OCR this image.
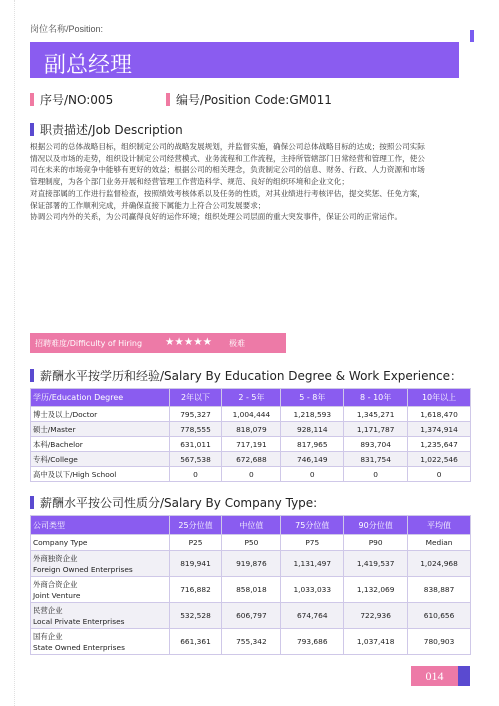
岗位名称/Position:
副总经理
序号/NO:005	编号/Position Code:GM011
职责描述/Job Description
根据公司的总体战略目标，组织制定公司的战略发展规划，并监督实施，确保公司总体战略目标的达成；按照公司实际
情况以及市场的走势，组织设计制定公司经营模式、业务流程和工作流程，主持所管辖部门日常经营和管理工作，使公
司在未来的市场竞争中能够有更好的效益；根据公司的相关理念，负责制定公司的信息、财务、行政、人力资源和市场
管理制度，为各个部门业务开展和经营管理工作营造科学、规范、良好的组织环境和企业文化；
对直接部属的工作进行监督检查，按照绩效考核体系以及任务的性质，对其业绩进行考核评估，提交奖惩、任免方案，
保证部署的工作顺利完成，并确保直接下属能力上符合公司发展要求；
协调公司内外的关系，为公司赢得良好的运作环境；组织处理公司层面的重大突发事件，保证公司的正常运作。
招聘难度/Difficulty of Hiring ★★★★★ 极难
薪酬水平按学历和经验/Salary By Education Degree & Work Experience：
学历/Education Degree	2年以下	2 - 5年	5 - 8年	8 - 10年	10年以上
博士及以上/Doctor	795,327	1,004,444	1,218,593	1,345,271	1,618,470
硕士/Master	778,555	818,079	928,114	1,171,787	1,374,914
本科/Bachelor	631,011	717,191	817,965	893,704	1,235,647
专科/College	567,538	672,688	746,149	831,754	1,022,546
高中及以下/High School	0	0	0	0	0
薪酬水平按公司性质分/Salary By Company Type:
公司类型	25分位值	中位值	75分位值	90分位值	平均值
Company Type	P25	P50	P75	P90	Median

外商独资企业
Foreign Owned Enterprises	819,941	919,876	1,131,497	1,419,537	1,024,968

外商合资企业
Joint Venture	716,882	858,018	1,033,033	1,132,069	838,887

民营企业
Local Private Enterprises	532,528	606,797	674,764	722,936	610,656

国有企业
State Owned Enterprises	661,361	755,342	793,686	1,037,418	780,903
014
